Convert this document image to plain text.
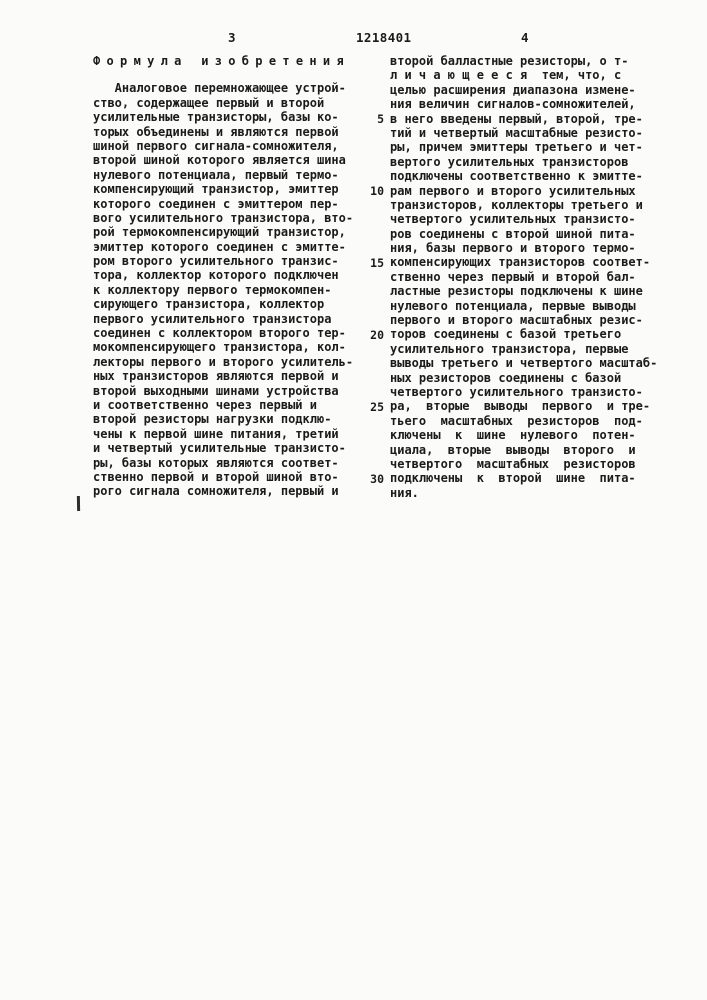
3	1218401	4
Формула изобретения
Аналоговое перемножающее устрой-
ство, содержащее первый и второй
усилительные транзисторы, базы ко-
торых объединены и являются первой
шиной первого сигнала-сомножителя,
второй шиной которого является шина
нулевого потенциала, первый термо-
компенсирующий транзистор, эмиттер
которого соединен с эмиттером пер-
вого усилительного транзистора, вто-
рой термокомпенсирующий транзистор,
эмиттер которого соединен с эмитте-
ром второго усилительного транзис-
тора, коллектор которого подключен
к коллектору первого термокомпен-
сирующего транзистора, коллектор
первого усилительного транзистора
соединен с коллектором второго тер-
мокомпенсирующего транзистора, кол-
лекторы первого и второго усилитель-
ных транзисторов являются первой и
второй выходными шинами устройства
и соответственно через первый и
второй резисторы нагрузки подклю-
чены к первой шине питания, третий
и четвертый усилительные транзисто-
ры, базы которых являются соответ-
ственно первой и второй шиной вто-
рого сигнала сомножителя, первый и
второй балластные резисторы, о т-
л и ч а ю щ е е с я  тем, что, с
целью расширения диапазона измене-
ния величин сигналов-сомножителей,
в него введены первый, второй, тре-
5
тий и четвертый масштабные резисто-
ры, причем эмиттеры третьего и чет-
вертого усилительных транзисторов
подключены соответственно к эмитте-
рам первого и второго усилительных
10
транзисторов, коллекторы третьего и
четвертого усилительных транзисто-
ров соединены с второй шиной пита-
ния, базы первого и второго термо-
компенсирующих транзисторов соответ-
15
ственно через первый и второй бал-
ластные резисторы подключены к шине
нулевого потенциала, первые выводы
первого и второго масштабных резис-
торов соединены с базой третьего
20
усилительного транзистора, первые
выводы третьего и четвертого масштаб-
ных резисторов соединены с базой
четвертого усилительного транзисто-
ра,  вторые  выводы  первого  и тре-
25
тьего  масштабных  резисторов  под-
ключены  к  шине  нулевого  потен-
циала,  вторые  выводы  второго  и
четвертого  масштабных  резисторов
подключены  к  второй  шине  пита-
30
ния.
